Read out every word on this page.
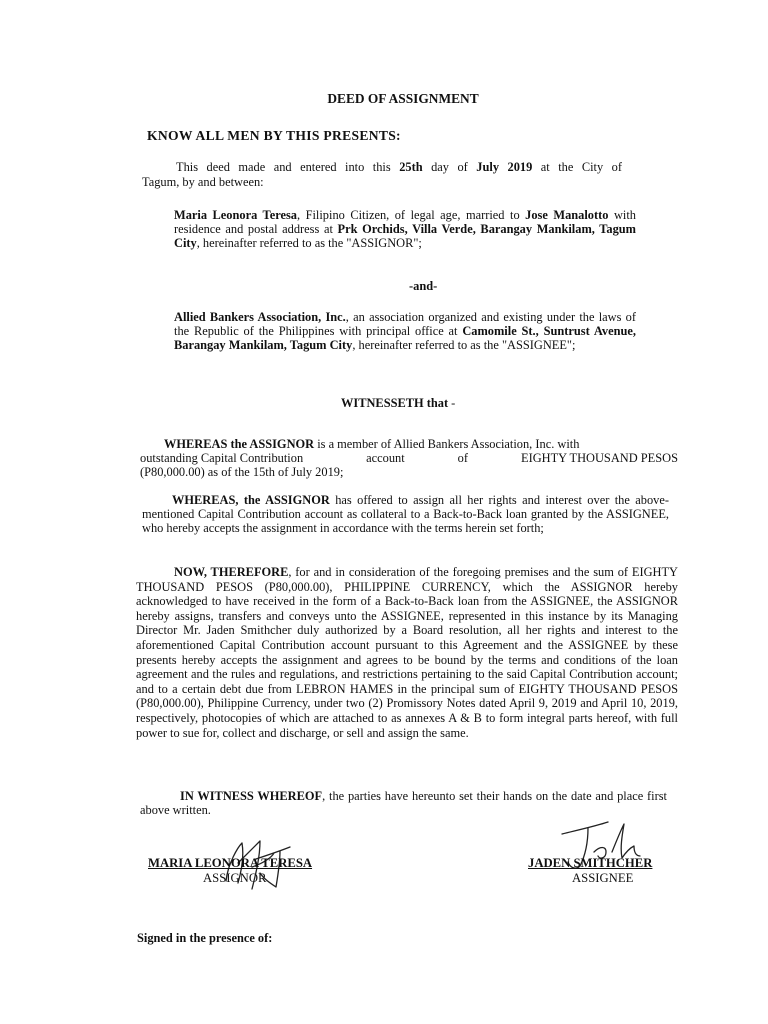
DEED OF ASSIGNMENT
KNOW ALL MEN BY THIS PRESENTS:
This deed made and entered into this 25th day of July 2019 at the City of
Tagum, by and between:
Maria Leonora Teresa, Filipino Citizen, of legal age, married to Jose Manalotto with residence and postal address at Prk Orchids, Villa Verde, Barangay Mankilam, Tagum City, hereinafter referred to as the "ASSIGNOR";
-and-
Allied Bankers Association, Inc., an association organized and existing under the laws of the Republic of the Philippines with principal office at Camomile St., Suntrust Avenue, Barangay Mankilam, Tagum City, hereinafter referred to as the "ASSIGNEE";
WITNESSETH that -
WHEREAS the ASSIGNOR is a member of Allied Bankers Association, Inc. with
outstanding Capital Contribution	account	of	EIGHTY THOUSAND PESOS
(P80,000.00) as of the 15th of July 2019;
WHEREAS, the ASSIGNOR has offered to assign all her rights and interest over the above-mentioned Capital Contribution account as collateral to a Back-to-Back loan granted by the ASSIGNEE, who hereby accepts the assignment in accordance with the terms herein set forth;
NOW, THEREFORE, for and in consideration of the foregoing premises and the sum of EIGHTY THOUSAND PESOS (P80,000.00), PHILIPPINE CURRENCY, which the ASSIGNOR hereby acknowledged to have received in the form of a Back-to-Back loan from the ASSIGNEE, the ASSIGNOR hereby assigns, transfers and conveys unto the ASSIGNEE, represented in this instance by its Managing Director Mr. Jaden Smithcher duly authorized by a Board resolution, all her rights and interest to the aforementioned Capital Contribution account pursuant to this Agreement and the ASSIGNEE by these presents hereby accepts the assignment and agrees to be bound by the terms and conditions of the loan agreement and the rules and regulations, and restrictions pertaining to the said Capital Contribution account; and to a certain debt due from LEBRON HAMES in the principal sum of EIGHTY THOUSAND PESOS (P80,000.00), Philippine Currency, under two (2) Promissory Notes dated April 9, 2019 and April 10, 2019, respectively, photocopies of which are attached to as annexes A & B to form integral parts hereof, with full power to sue for, collect and discharge, or sell and assign the same.
IN WITNESS WHEREOF, the parties have hereunto set their hands on the date and place first above written.
MARIA LEONORA TERESA
ASSIGNOR
JADEN SMITHCHER
ASSIGNEE
Signed in the presence of:
